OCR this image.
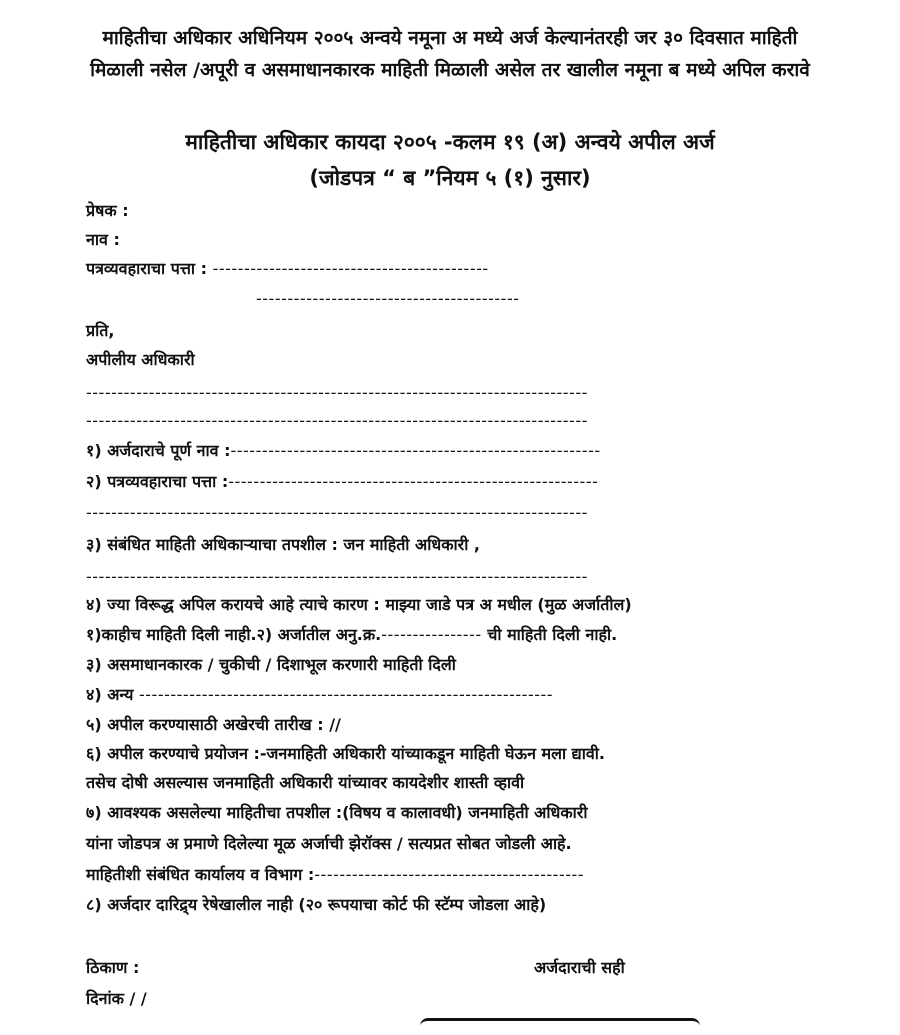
माहितीचा अधिकार अधिनियम २००५ अन्वये नमूना अ मध्ये अर्ज केल्यानंतरही जर ३० दिवसात माहिती
मिळाली नसेल /अपूरी व असमाधानकारक माहिती मिळाली असेल तर खालील नमूना ब मध्ये अपिल करावे
माहितीचा अधिकार कायदा २००५ -कलम १९ (अ) अन्वये अपील अर्ज
(जोडपत्र “ ब ”नियम ५ (१) नुसार)
प्रेषक :
नाव :
पत्रव्यवहाराचा पत्ता : --------------------------------------------
------------------------------------------
प्रति,
अपीलीय अधिकारी
--------------------------------------------------------------------------------
--------------------------------------------------------------------------------
१) अर्जदाराचे पूर्ण नाव :-----------------------------------------------------------
२) पत्रव्यवहाराचा पत्ता :-----------------------------------------------------------
--------------------------------------------------------------------------------
३) संबंधित माहिती अधिकाऱ्याचा तपशील : जन माहिती अधिकारी ,
--------------------------------------------------------------------------------
४) ज्या विरूद्ध अपिल करायचे आहे त्याचे कारण : माझ्या जाडे पत्र अ मधील (मुळ अर्जातील)
१)काहीच माहिती दिली नाही.२) अर्जातील अनु.क्र.---------------- ची माहिती दिली नाही.
३) असमाधानकारक / चुकीची / दिशाभूल करणारी माहिती दिली
४) अन्य ------------------------------------------------------------------
५) अपील करण्यासाठी अखेरची तारीख : //
६) अपील करण्याचे प्रयोजन :-जनमाहिती अधिकारी यांच्याकडून माहिती घेऊन मला द्यावी.
तसेच दोषी असल्यास जनमाहिती अधिकारी यांच्यावर कायदेशीर शास्ती व्हावी
७) आवश्यक असलेल्या माहितीचा तपशील :(विषय व कालावधी) जनमाहिती अधिकारी
यांना जोडपत्र अ प्रमाणे दिलेल्या मूळ अर्जाची झेरॉक्स / सत्यप्रत सोबत जोडली आहे.
माहितीशी संबंधित कार्यालय व विभाग :-------------------------------------------
८) अर्जदार दारिद्र्य रेषेखालील नाही (२० रूपयाचा कोर्ट फी स्टॅम्प जोडला आहे)
ठिकाण :
दिनांक / /
अर्जदाराची सही
